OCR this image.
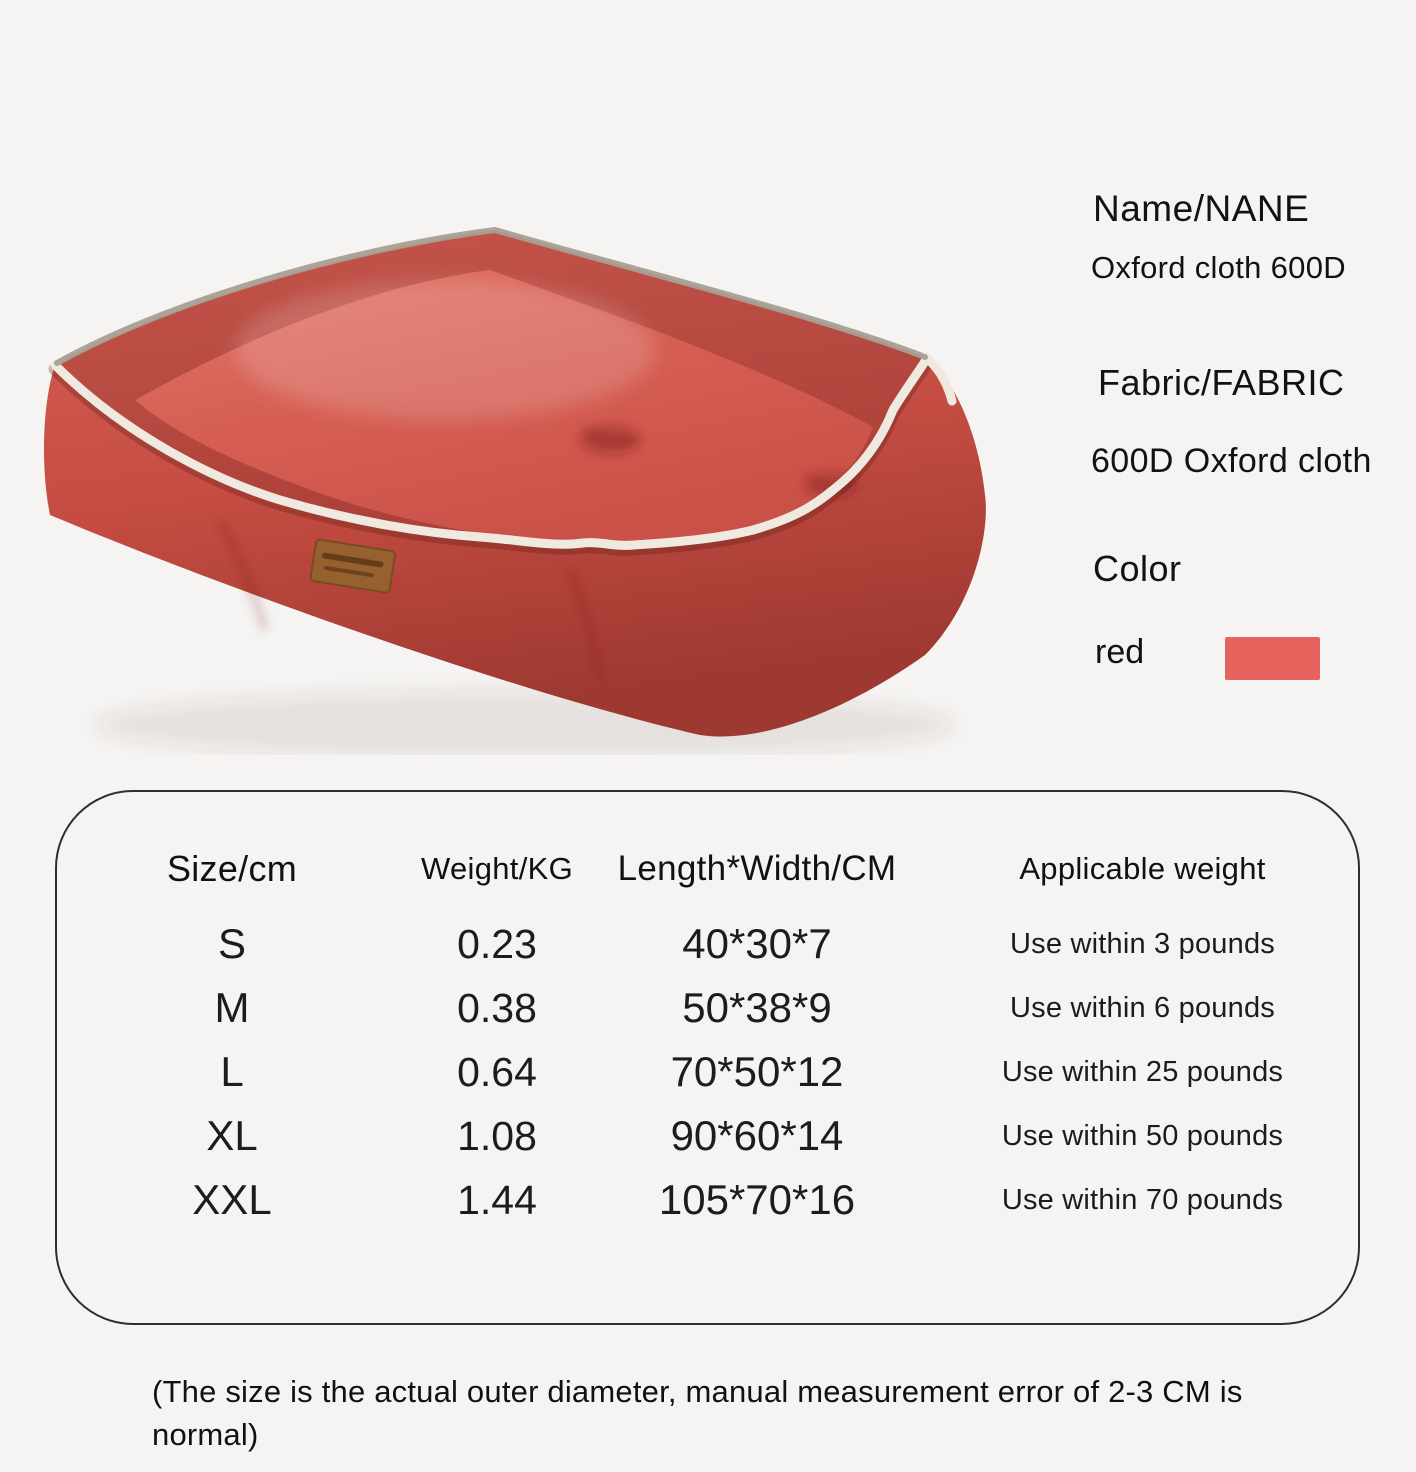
Name/NANE
Oxford cloth 600D
Fabric/FABRIC
600D Oxford cloth
Color
red
Size/cm	Weight/KG	Length*Width/CM	Applicable weight
S	0.23	40*30*7	Use within 3 pounds
M	0.38	50*38*9	Use within 6 pounds
L	0.64	70*50*12	Use within 25 pounds
XL	1.08	90*60*14	Use within 50 pounds
XXL	1.44	105*70*16	Use within 70 pounds
(The size is the actual outer diameter, manual measurement error of 2-3 CM is normal)
